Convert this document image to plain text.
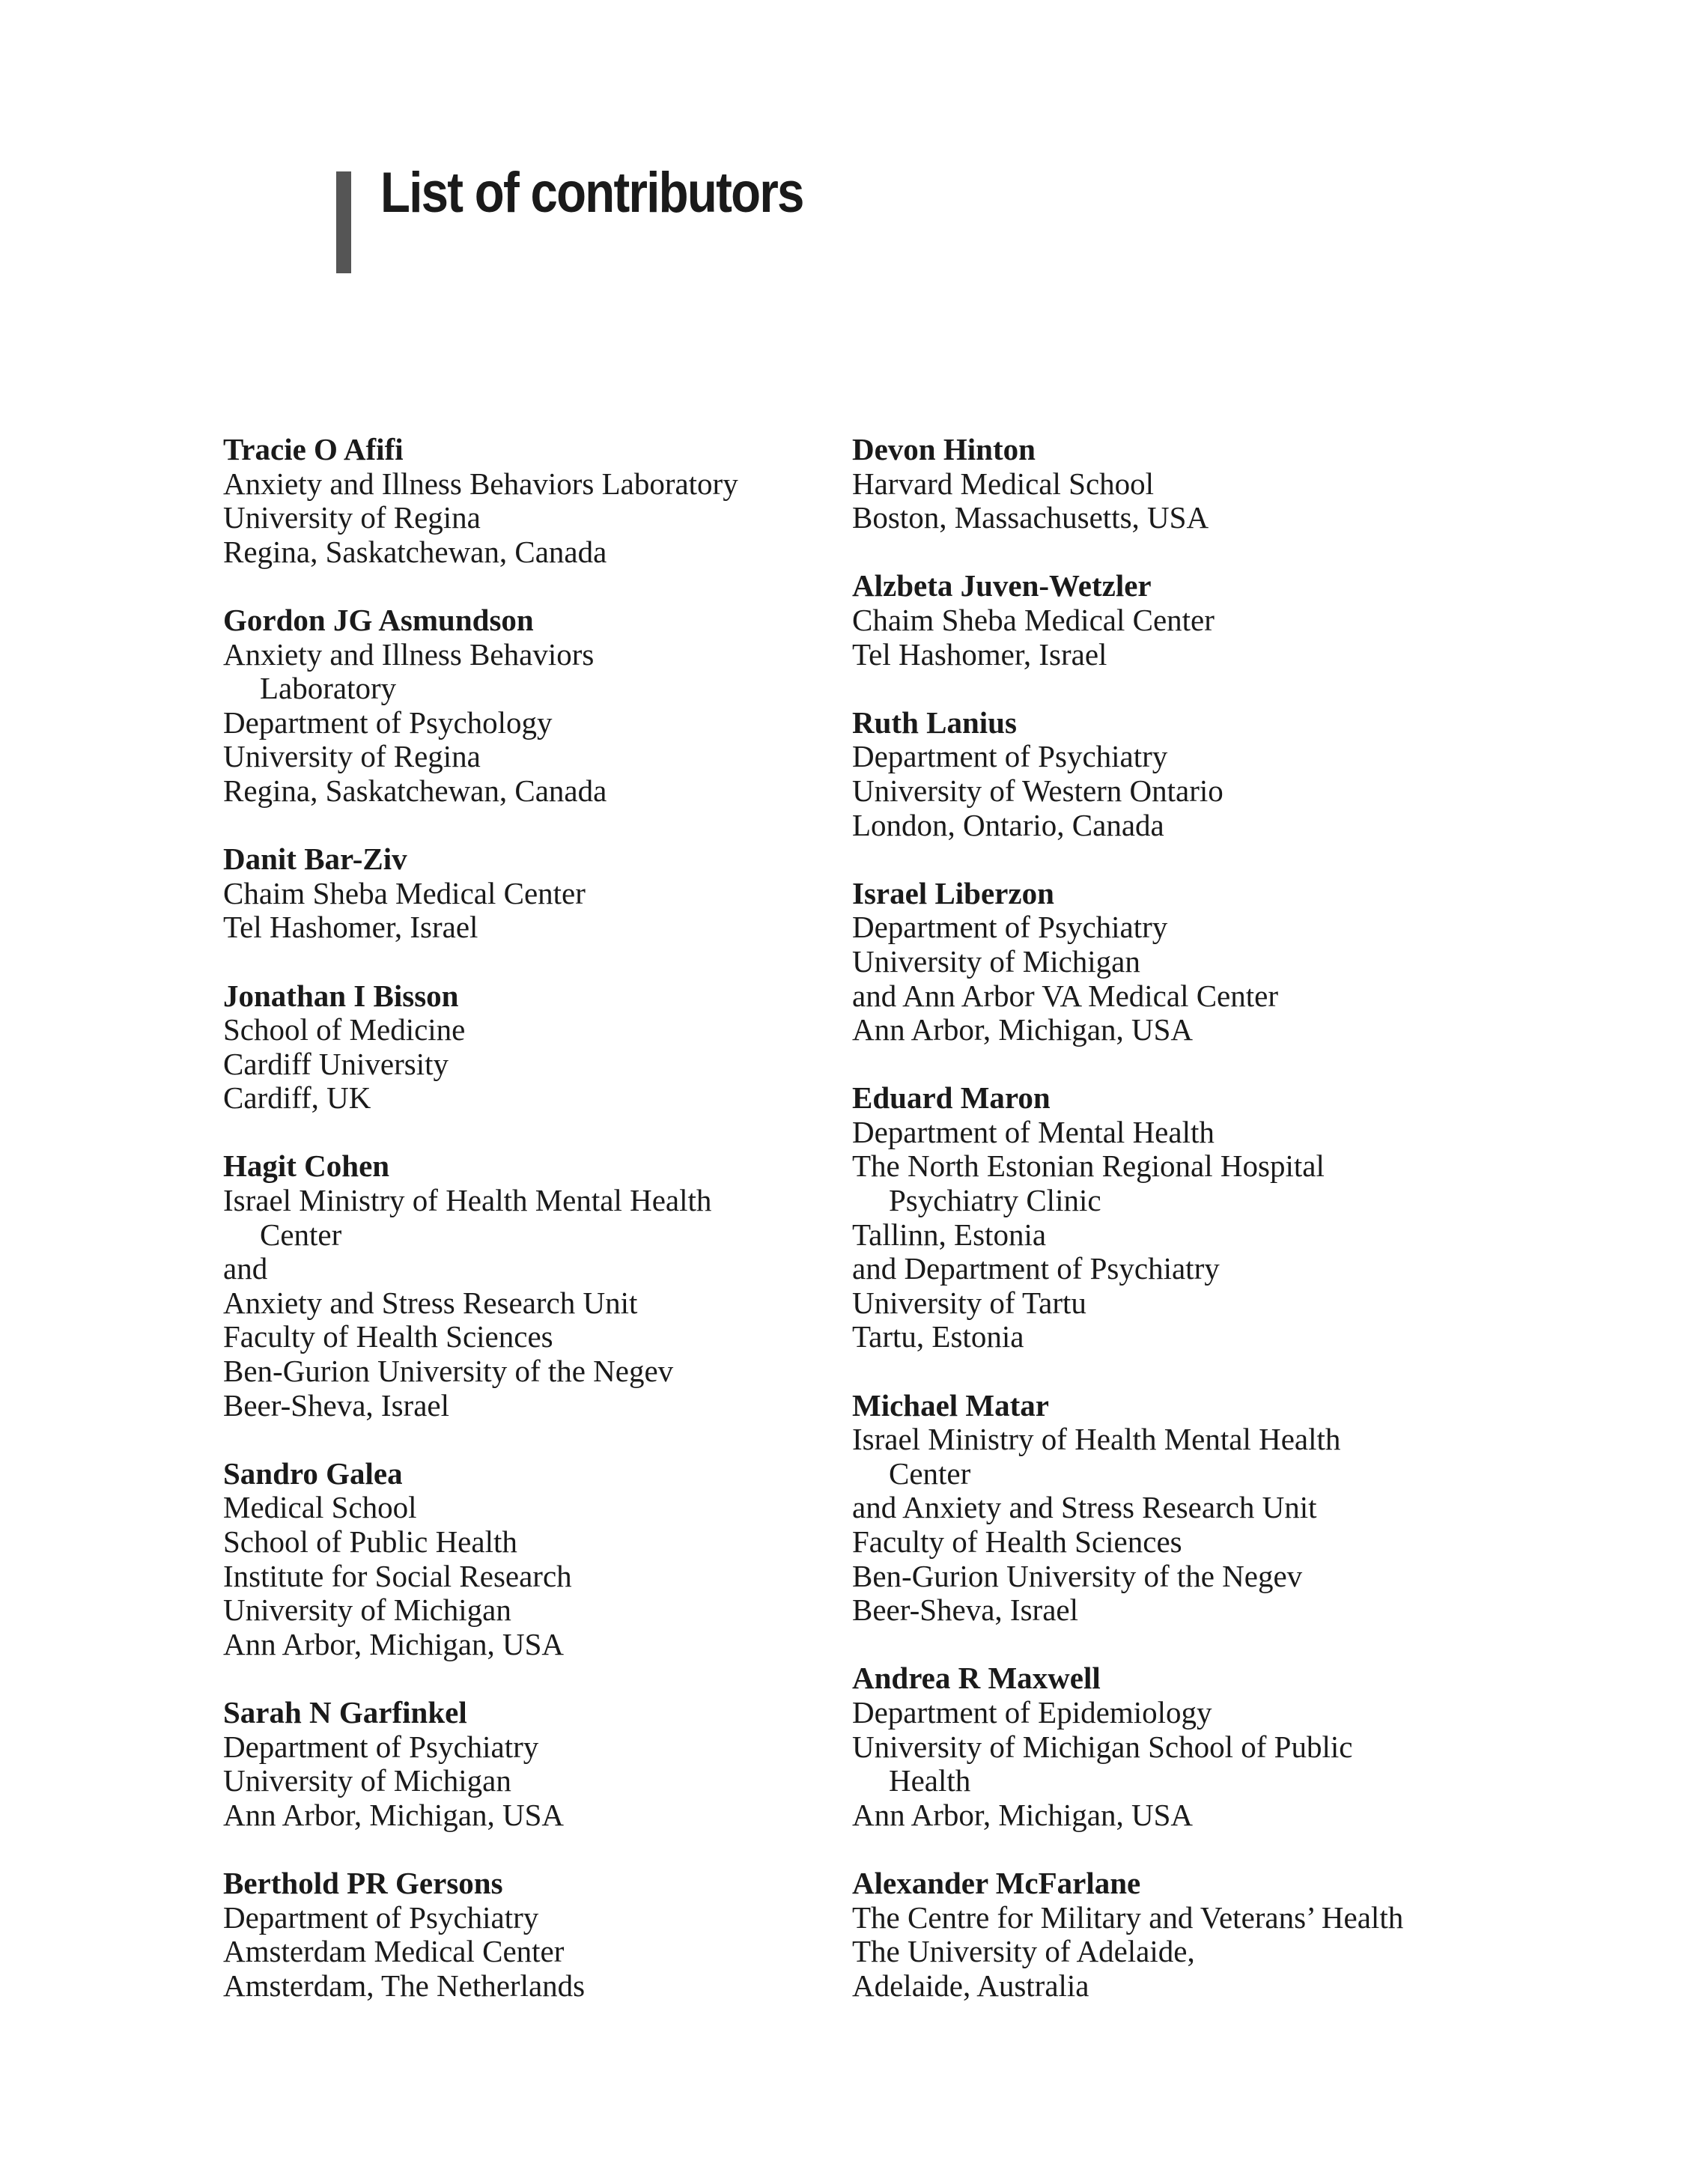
List of contributors
Tracie O Afifi
Anxiety and Illness Behaviors Laboratory
University of Regina
Regina, Saskatchewan, Canada
Gordon JG Asmundson
Anxiety and Illness Behaviors
Laboratory
Department of Psychology
University of Regina
Regina, Saskatchewan, Canada
Danit Bar-Ziv
Chaim Sheba Medical Center
Tel Hashomer, Israel
Jonathan I Bisson
School of Medicine
Cardiff University
Cardiff, UK
Hagit Cohen
Israel Ministry of Health Mental Health
Center
and
Anxiety and Stress Research Unit
Faculty of Health Sciences
Ben-Gurion University of the Negev
Beer-Sheva, Israel
Sandro Galea
Medical School
School of Public Health
Institute for Social Research
University of Michigan
Ann Arbor, Michigan, USA
Sarah N Garfinkel
Department of Psychiatry
University of Michigan
Ann Arbor, Michigan, USA
Berthold PR Gersons
Department of Psychiatry
Amsterdam Medical Center
Amsterdam, The Netherlands
Devon Hinton
Harvard Medical School
Boston, Massachusetts, USA
Alzbeta Juven-Wetzler
Chaim Sheba Medical Center
Tel Hashomer, Israel
Ruth Lanius
Department of Psychiatry
University of Western Ontario
London, Ontario, Canada
Israel Liberzon
Department of Psychiatry
University of Michigan
and Ann Arbor VA Medical Center
Ann Arbor, Michigan, USA
Eduard Maron
Department of Mental Health
The North Estonian Regional Hospital
Psychiatry Clinic
Tallinn, Estonia
and Department of Psychiatry
University of Tartu
Tartu, Estonia
Michael Matar
Israel Ministry of Health Mental Health
Center
and Anxiety and Stress Research Unit
Faculty of Health Sciences
Ben-Gurion University of the Negev
Beer-Sheva, Israel
Andrea R Maxwell
Department of Epidemiology
University of Michigan School of Public
Health
Ann Arbor, Michigan, USA
Alexander McFarlane
The Centre for Military and Veterans’ Health
The University of Adelaide,
Adelaide, Australia
